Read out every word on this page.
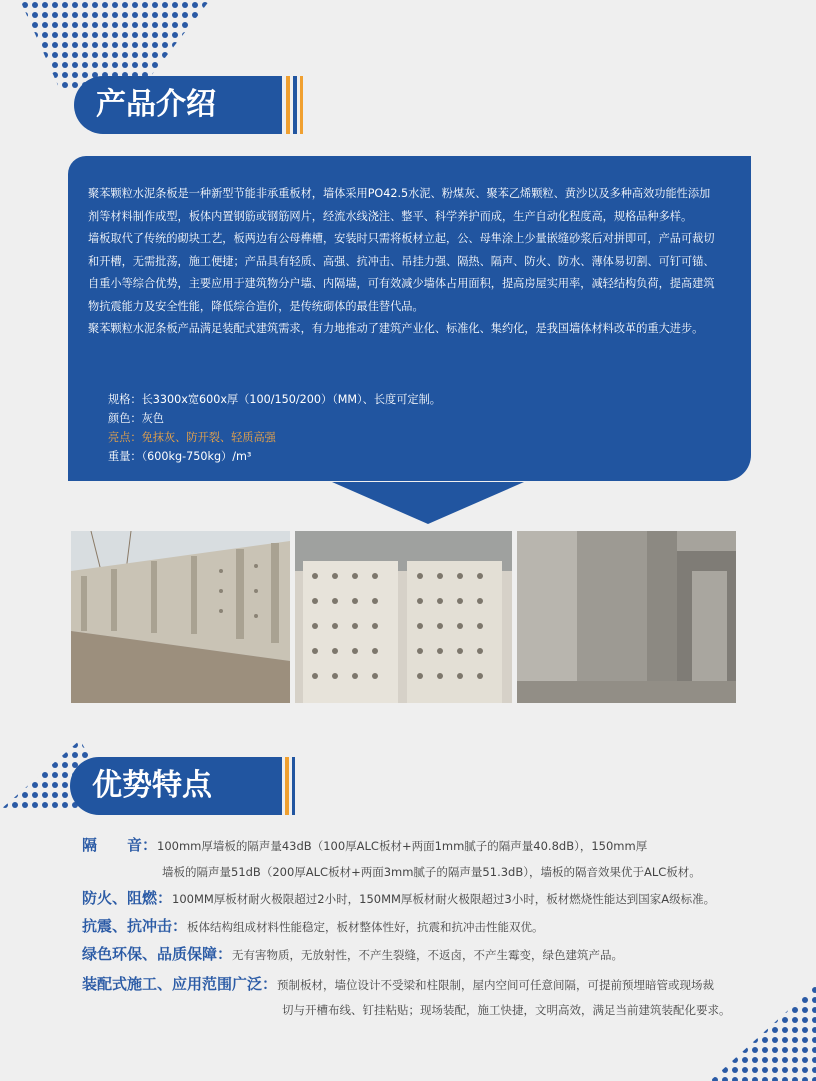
产品介绍

聚苯颗粒水泥条板是一种新型节能非承重板材，墙体采用PO42.5水泥、粉煤灰、聚苯乙烯颗粒、黄沙以及多种高效功能性添加剂等材料制作成型，板体内置钢筋或钢筋网片，经流水线浇注、整平、科学养护而成，生产自动化程度高，规格品种多样。

墙板取代了传统的砌块工艺，板两边有公母榫槽，安装时只需将板材立起，公、母隼涂上少量嵌缝砂浆后对拼即可，产品可裁切和开槽，无需批荡，施工便捷；产品具有轻质、高强、抗冲击、吊挂力强、隔热、隔声、防火、防水、薄体易切割、可钉可锚、自重小等综合优势，主要应用于建筑物分户墙、内隔墙，可有效减少墙体占用面积，提高房屋实用率，减轻结构负荷，提高建筑物抗震能力及安全性能，降低综合造价，是传统砌体的最佳替代品。

聚苯颗粒水泥条板产品满足装配式建筑需求，有力地推动了建筑产业化、标准化、集约化，是我国墙体材料改革的重大进步。

规格：长3300x宽600x厚（100/150/200）（MM）、长度可定制。
颜色：灰色
亮点：免抹灰、防开裂、轻质高强
重量：（600kg-750kg）/m³
优势特点
隔　　音：100mm厚墙板的隔声量43dB（100厚ALC板材+两面1mm腻子的隔声量40.8dB），150mm厚
墙板的隔声量51dB（200厚ALC板材+两面3mm腻子的隔声量51.3dB），墙板的隔音效果优于ALC板材。
防火、阻燃：100MM厚板材耐火极限超过2小时，150MM厚板材耐火极限超过3小时，板材燃烧性能达到国家A级标准。
抗震、抗冲击：板体结构组成材料性能稳定，板材整体性好，抗震和抗冲击性能双优。
绿色环保、品质保障：无有害物质，无放射性，不产生裂缝，不返卤，不产生霉变，绿色建筑产品。
装配式施工、应用范围广泛：预制板材，墙位设计不受梁和柱限制，屋内空间可任意间隔，可提前预埋暗管或现场裁
切与开槽布线、钉挂粘贴；现场装配，施工快捷，文明高效，满足当前建筑装配化要求。
